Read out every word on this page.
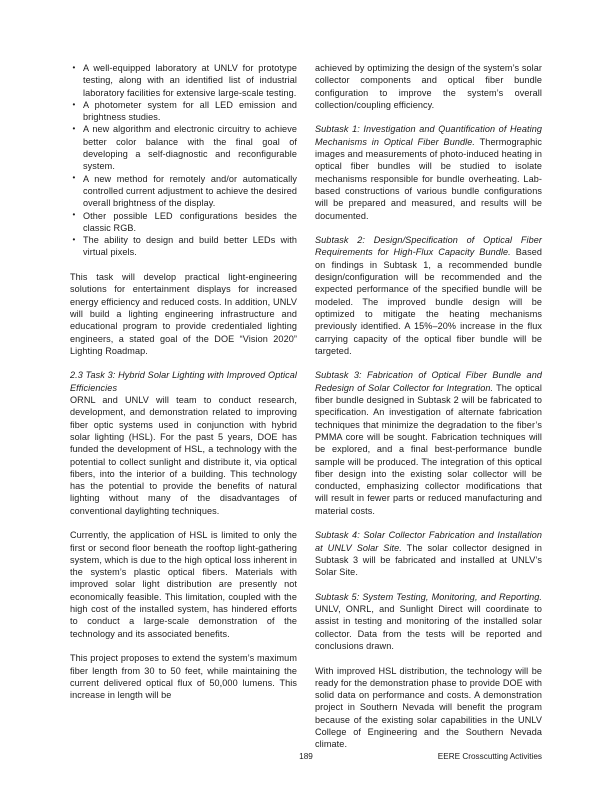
• A well-equipped laboratory at UNLV for prototype testing, along with an identified list of industrial laboratory facilities for extensive large-scale testing.
• A photometer system for all LED emission and brightness studies.
• A new algorithm and electronic circuitry to achieve better color balance with the final goal of developing a self-diagnostic and reconfigurable system.
• A new method for remotely and/or automatically controlled current adjustment to achieve the desired overall brightness of the display.
• Other possible LED configurations besides the classic RGB.
• The ability to design and build better LEDs with virtual pixels.

This task will develop practical light-engineering solutions for entertainment displays for increased energy efficiency and reduced costs. In addition, UNLV will build a lighting engineering infrastructure and educational program to provide credentialed lighting engineers, a stated goal of the DOE “Vision 2020” Lighting Roadmap.

2.3 Task 3: Hybrid Solar Lighting with Improved Optical Efficiencies

ORNL and UNLV will team to conduct research, development, and demonstration related to improving fiber optic systems used in conjunction with hybrid solar lighting (HSL). For the past 5 years, DOE has funded the development of HSL, a technology with the potential to collect sunlight and distribute it, via optical fibers, into the interior of a building. This technology has the potential to provide the benefits of natural lighting without many of the disadvantages of conventional daylighting techniques.

Currently, the application of HSL is limited to only the first or second floor beneath the rooftop light-gathering system, which is due to the high optical loss inherent in the system’s plastic optical fibers. Materials with improved solar light distribution are presently not economically feasible. This limitation, coupled with the high cost of the installed system, has hindered efforts to conduct a large-scale demonstration of the technology and its associated benefits.

This project proposes to extend the system’s maximum fiber length from 30 to 50 feet, while maintaining the current delivered optical flux of 50,000 lumens. This increase in length will be

achieved by optimizing the design of the system’s solar collector components and optical fiber bundle configuration to improve the system’s overall collection/coupling efficiency.

Subtask 1: Investigation and Quantification of Heating Mechanisms in Optical Fiber Bundle. Thermographic images and measurements of photo-induced heating in optical fiber bundles will be studied to isolate mechanisms responsible for bundle overheating. Lab-based constructions of various bundle configurations will be prepared and measured, and results will be documented.

Subtask 2: Design/Specification of Optical Fiber Requirements for High-Flux Capacity Bundle. Based on findings in Subtask 1, a recommended bundle design/configuration will be recommended and the expected performance of the specified bundle will be modeled. The improved bundle design will be optimized to mitigate the heating mechanisms previously identified. A 15%–20% increase in the flux carrying capacity of the optical fiber bundle will be targeted.

Subtask 3: Fabrication of Optical Fiber Bundle and Redesign of Solar Collector for Integration. The optical fiber bundle designed in Subtask 2 will be fabricated to specification. An investigation of alternate fabrication techniques that minimize the degradation to the fiber’s PMMA core will be sought. Fabrication techniques will be explored, and a final best-performance bundle sample will be produced. The integration of this optical fiber design into the existing solar collector will be conducted, emphasizing collector modifications that will result in fewer parts or reduced manufacturing and material costs.

Subtask 4: Solar Collector Fabrication and Installation at UNLV Solar Site. The solar collector designed in Subtask 3 will be fabricated and installed at UNLV’s Solar Site.

Subtask 5: System Testing, Monitoring, and Reporting. UNLV, ONRL, and Sunlight Direct will coordinate to assist in testing and monitoring of the installed solar collector. Data from the tests will be reported and conclusions drawn.

With improved HSL distribution, the technology will be ready for the demonstration phase to provide DOE with solid data on performance and costs. A demonstration project in Southern Nevada will benefit the program because of the existing solar capabilities in the UNLV College of Engineering and the Southern Nevada climate.

189	EERE Crosscutting Activities
